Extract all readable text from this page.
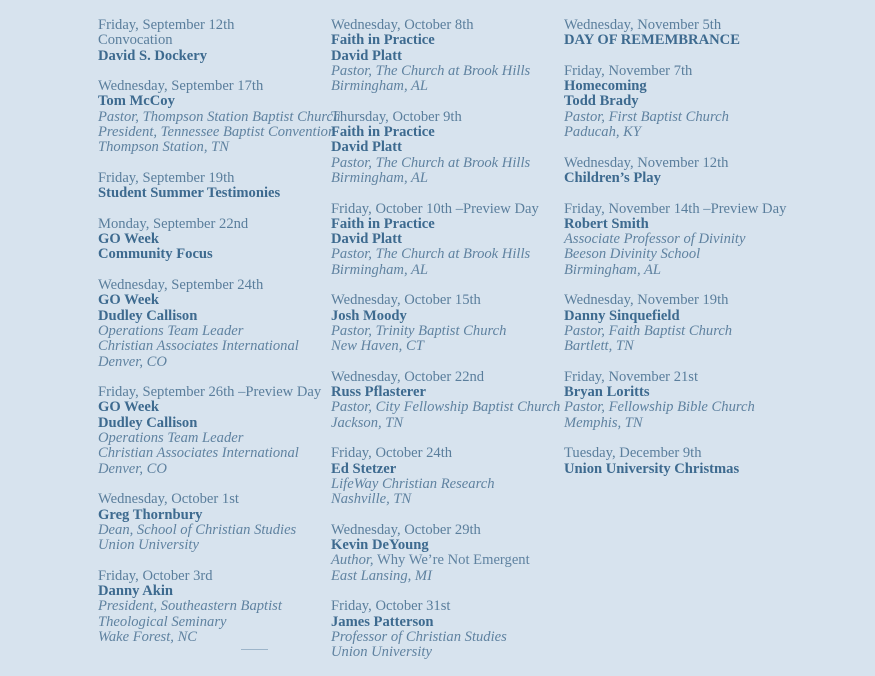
Friday, September 12th
Convocation
David S. Dockery
Wednesday, September 17th
Tom McCoy
Pastor, Thompson Station Baptist Church
President, Tennessee Baptist Convention
Thompson Station, TN
Friday, September 19th
Student Summer Testimonies
Monday, September 22nd
GO Week
Community Focus
Wednesday, September 24th
GO Week
Dudley Callison
Operations Team Leader
Christian Associates International
Denver, CO
Friday, September 26th –Preview Day
GO Week
Dudley Callison
Operations Team Leader
Christian Associates International
Denver, CO
Wednesday, October 1st
Greg Thornbury
Dean, School of Christian Studies
Union University
Friday, October 3rd
Danny Akin
President, Southeastern Baptist
Theological Seminary
Wake Forest, NC
Wednesday, October 8th
Faith in Practice
David Platt
Pastor, The Church at Brook Hills
Birmingham, AL
Thursday, October 9th
Faith in Practice
David Platt
Pastor, The Church at Brook Hills
Birmingham, AL
Friday, October 10th –Preview Day
Faith in Practice
David Platt
Pastor, The Church at Brook Hills
Birmingham, AL
Wednesday, October 15th
Josh Moody
Pastor, Trinity Baptist Church
New Haven, CT
Wednesday, October 22nd
Russ Pflasterer
Pastor, City Fellowship Baptist Church
Jackson, TN
Friday, October 24th
Ed Stetzer
LifeWay Christian Research
Nashville, TN
Wednesday, October 29th
Kevin DeYoung
Author, Why We’re Not Emergent
East Lansing, MI
Friday, October 31st
James Patterson
Professor of Christian Studies
Union University
Wednesday, November 5th
DAY OF REMEMBRANCE
Friday, November 7th
Homecoming
Todd Brady
Pastor, First Baptist Church
Paducah, KY
Wednesday, November 12th
Children’s Play
Friday, November 14th –Preview Day
Robert Smith
Associate Professor of Divinity
Beeson Divinity School
Birmingham, AL
Wednesday, November 19th
Danny Sinquefield
Pastor, Faith Baptist Church
Bartlett, TN
Friday, November 21st
Bryan Loritts
Pastor, Fellowship Bible Church
Memphis, TN
Tuesday, December 9th
Union University Christmas
